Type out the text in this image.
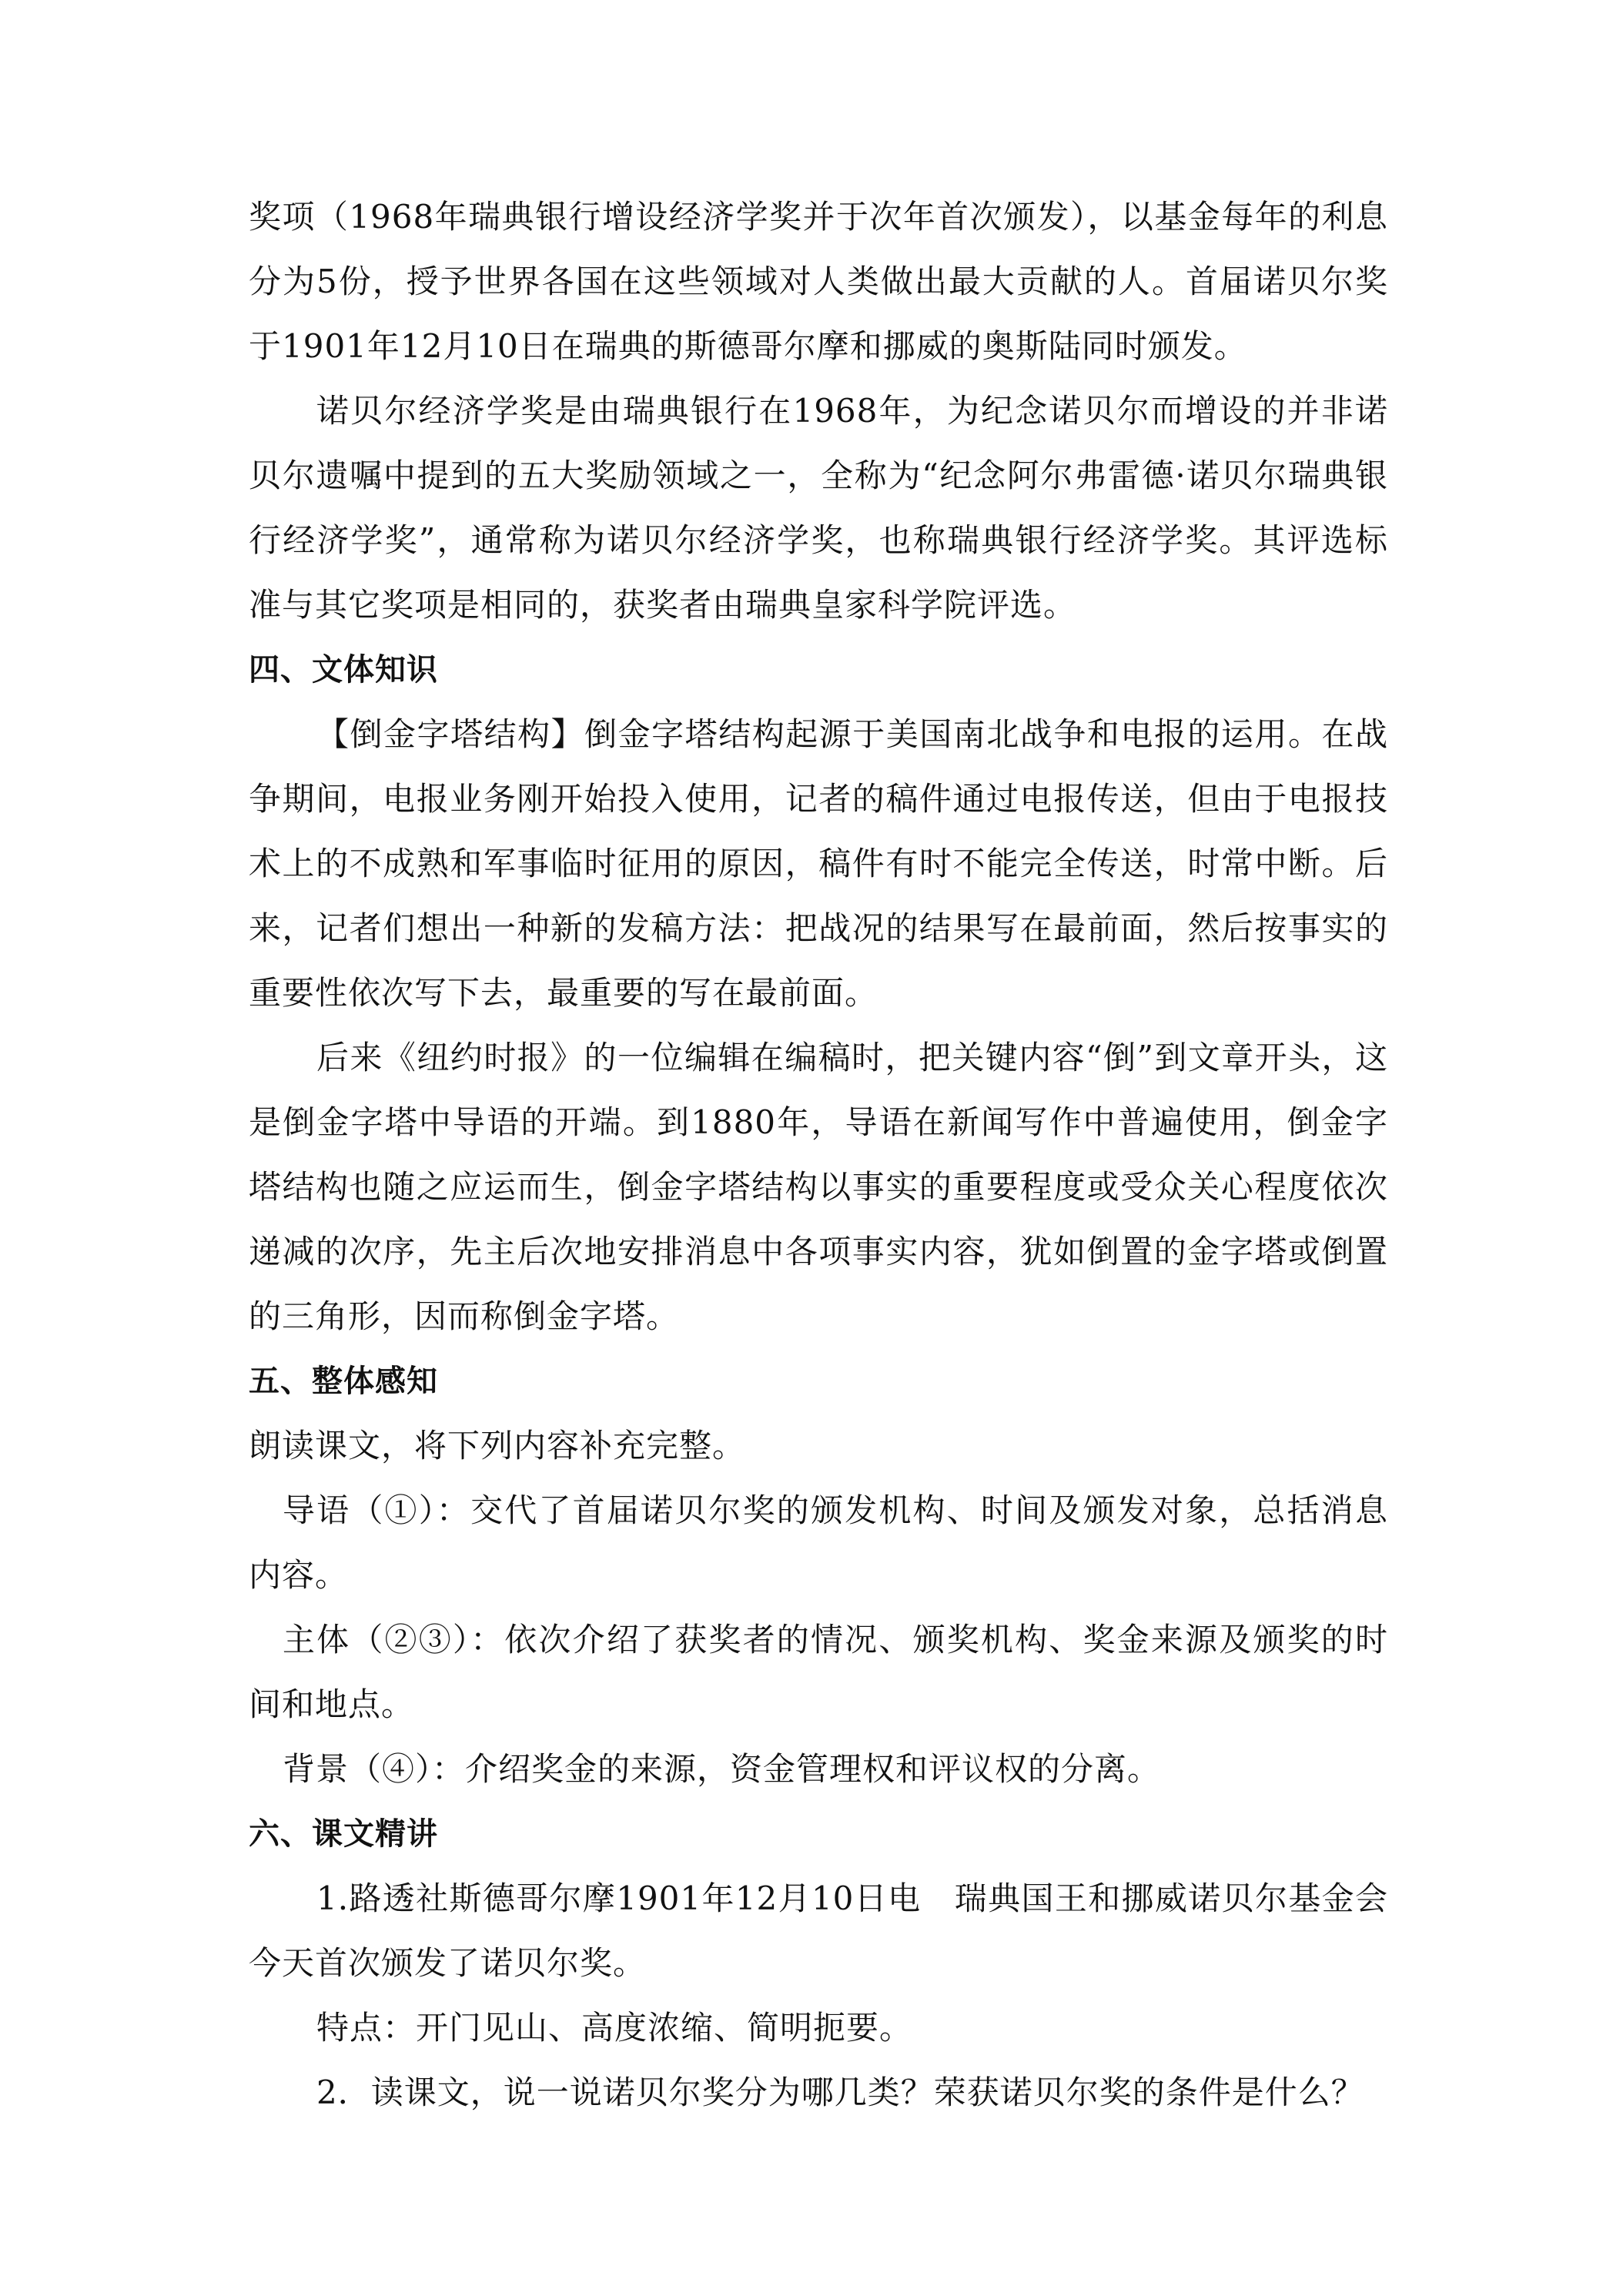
奖项（1968年瑞典银行增设经济学奖并于次年首次颁发），以基金每年的利息分为5份，授予世界各国在这些领域对人类做出最大贡献的人。首届诺贝尔奖于1901年12月10日在瑞典的斯德哥尔摩和挪威的奥斯陆同时颁发。

诺贝尔经济学奖是由瑞典银行在1968年，为纪念诺贝尔而增设的并非诺贝尔遗嘱中提到的五大奖励领域之一，全称为“纪念阿尔弗雷德·诺贝尔瑞典银行经济学奖”，通常称为诺贝尔经济学奖，也称瑞典银行经济学奖。其评选标准与其它奖项是相同的，获奖者由瑞典皇家科学院评选。

四、文体知识

【倒金字塔结构】倒金字塔结构起源于美国南北战争和电报的运用。在战争期间，电报业务刚开始投入使用，记者的稿件通过电报传送，但由于电报技术上的不成熟和军事临时征用的原因，稿件有时不能完全传送，时常中断。后来，记者们想出一种新的发稿方法：把战况的结果写在最前面，然后按事实的重要性依次写下去，最重要的写在最前面。

后来《纽约时报》的一位编辑在编稿时，把关键内容“倒”到文章开头，这是倒金字塔中导语的开端。到1880年，导语在新闻写作中普遍使用，倒金字塔结构也随之应运而生，倒金字塔结构以事实的重要程度或受众关心程度依次递减的次序，先主后次地安排消息中各项事实内容，犹如倒置的金字塔或倒置的三角形，因而称倒金字塔。

五、整体感知

朗读课文，将下列内容补充完整。

导语（①）：交代了首届诺贝尔奖的颁发机构、时间及颁发对象，总括消息内容。

主体（②③）：依次介绍了获奖者的情况、颁奖机构、奖金来源及颁奖的时间和地点。

背景（④）：介绍奖金的来源，资金管理权和评议权的分离。

六、课文精讲

1.路透社斯德哥尔摩1901年12月10日电　瑞典国王和挪威诺贝尔基金会今天首次颁发了诺贝尔奖。

特点：开门见山、高度浓缩、简明扼要。

2．读课文，说一说诺贝尔奖分为哪几类？荣获诺贝尔奖的条件是什么？
